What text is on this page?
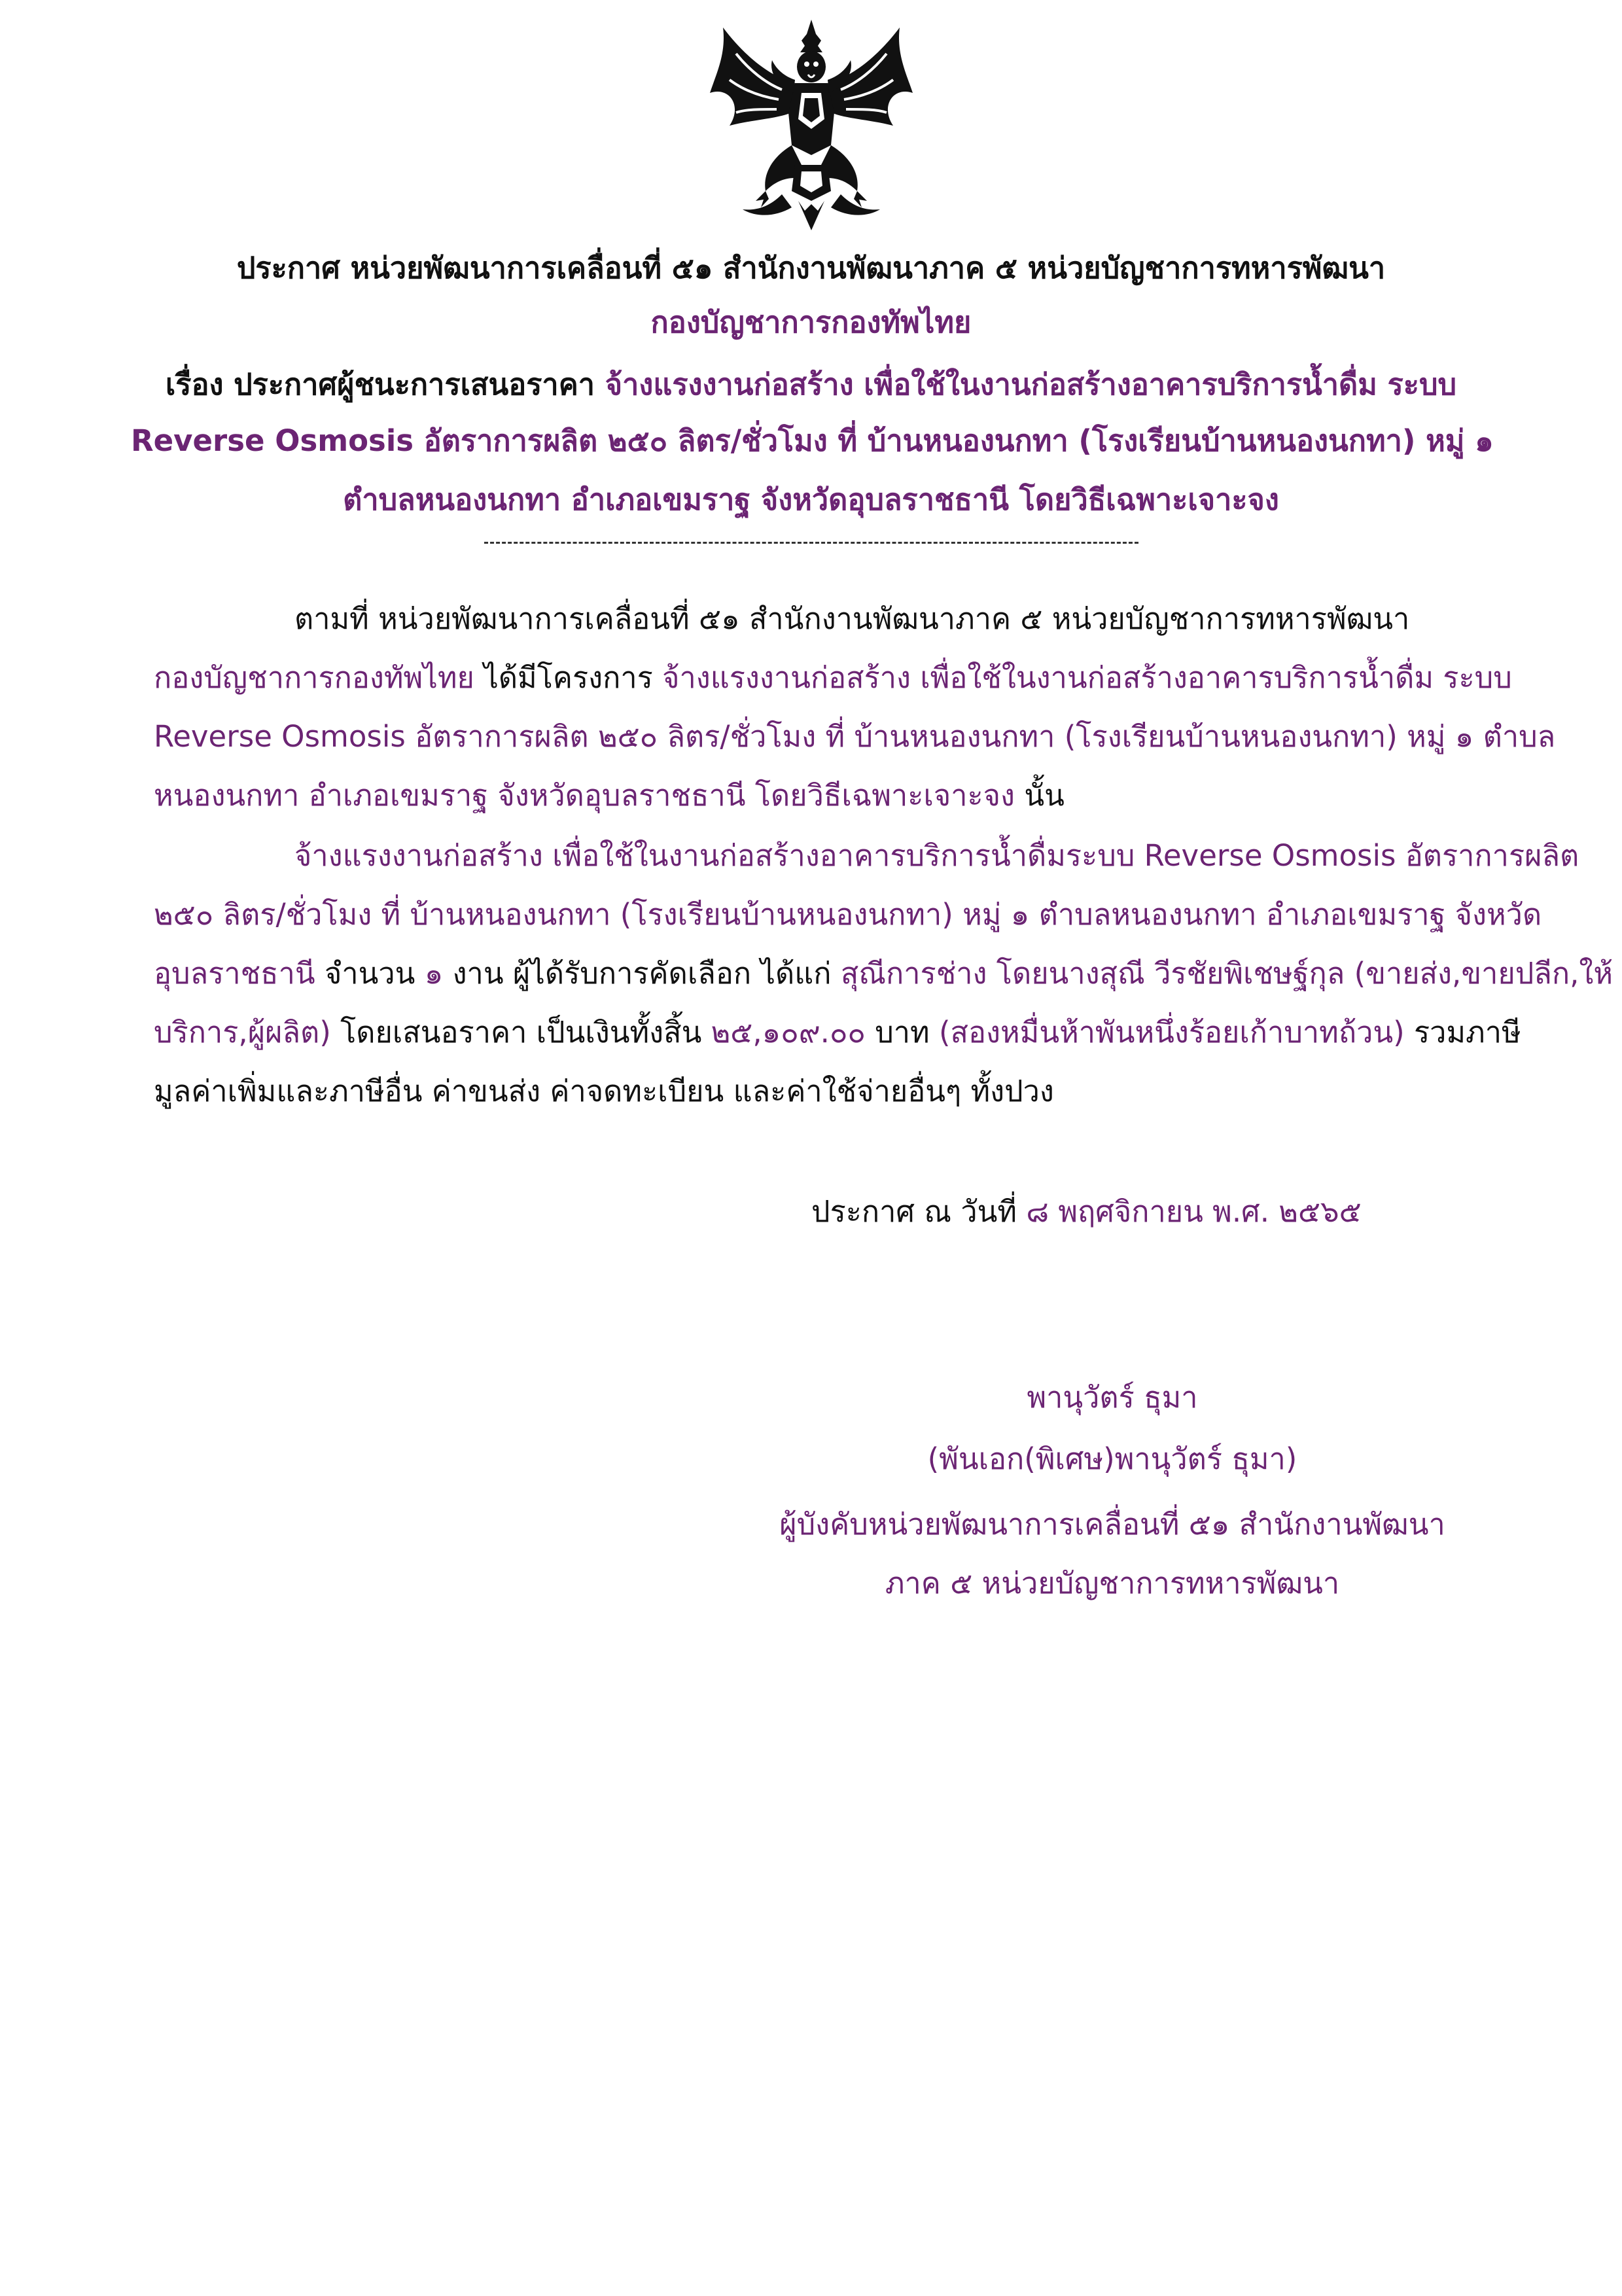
ประกาศ หน่วยพัฒนาการเคลื่อนที่ ๕๑ สำนักงานพัฒนาภาค ๕ หน่วยบัญชาการทหารพัฒนา
กองบัญชาการกองทัพไทย
เรื่อง ประกาศผู้ชนะการเสนอราคา จ้างแรงงานก่อสร้าง เพื่อใช้ในงานก่อสร้างอาคารบริการน้ำดื่ม ระบบ
Reverse Osmosis อัตราการผลิต ๒๕๐ ลิตร/ชั่วโมง ที่ บ้านหนองนกทา (โรงเรียนบ้านหนองนกทา) หมู่ ๑
ตำบลหนองนกทา อำเภอเขมราฐ จังหวัดอุบลราชธานี โดยวิธีเฉพาะเจาะจง
ตามที่ หน่วยพัฒนาการเคลื่อนที่ ๕๑ สำนักงานพัฒนาภาค ๕ หน่วยบัญชาการทหารพัฒนา
กองบัญชาการกองทัพไทย ได้มีโครงการ จ้างแรงงานก่อสร้าง เพื่อใช้ในงานก่อสร้างอาคารบริการน้ำดื่ม ระบบ
Reverse Osmosis อัตราการผลิต ๒๕๐ ลิตร/ชั่วโมง ที่ บ้านหนองนกทา (โรงเรียนบ้านหนองนกทา) หมู่ ๑ ตำบล
หนองนกทา อำเภอเขมราฐ จังหวัดอุบลราชธานี โดยวิธีเฉพาะเจาะจง นั้น
จ้างแรงงานก่อสร้าง เพื่อใช้ในงานก่อสร้างอาคารบริการน้ำดื่มระบบ Reverse Osmosis อัตราการผลิต
๒๕๐ ลิตร/ชั่วโมง ที่ บ้านหนองนกทา (โรงเรียนบ้านหนองนกทา) หมู่ ๑ ตำบลหนองนกทา อำเภอเขมราฐ จังหวัด
อุบลราชธานี จำนวน ๑ งาน ผู้ได้รับการคัดเลือก ได้แก่ สุณีการช่าง โดยนางสุณี วีรชัยพิเชษฐ์กุล (ขายส่ง,ขายปลีก,ให้
บริการ,ผู้ผลิต) โดยเสนอราคา เป็นเงินทั้งสิ้น ๒๕,๑๐๙.๐๐ บาท (สองหมื่นห้าพันหนึ่งร้อยเก้าบาทถ้วน) รวมภาษี
มูลค่าเพิ่มและภาษีอื่น ค่าขนส่ง ค่าจดทะเบียน และค่าใช้จ่ายอื่นๆ ทั้งปวง
ประกาศ ณ วันที่ ๘ พฤศจิกายน พ.ศ. ๒๕๖๕
พานุวัตร์ ธุมา
(พันเอก(พิเศษ)พานุวัตร์ ธุมา)
ผู้บังคับหน่วยพัฒนาการเคลื่อนที่ ๕๑ สำนักงานพัฒนา
ภาค ๕ หน่วยบัญชาการทหารพัฒนา
